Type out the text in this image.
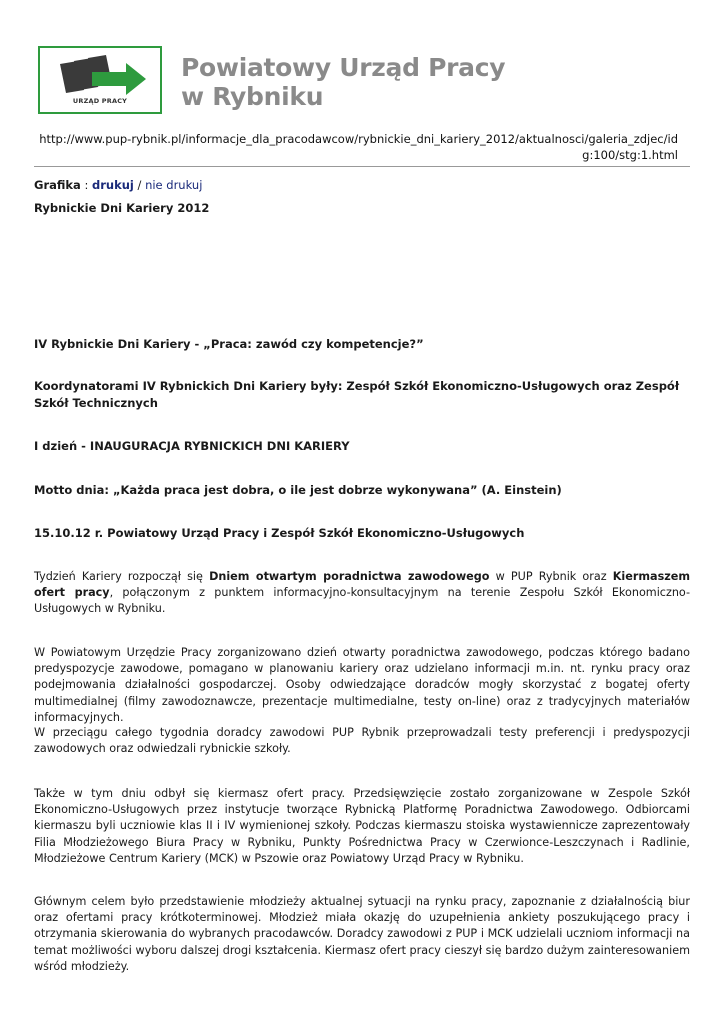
URZĄD PRACY
Powiatowy Urząd Pracy
w Rybniku
http://www.pup-rybnik.pl/informacje_dla_pracodawcow/rybnickie_dni_kariery_2012/aktualnosci/galeria_zdjec/idg:100/stg:1.html
Grafika : drukuj / nie drukuj
Rybnickie Dni Kariery 2012
IV Rybnickie Dni Kariery - „Praca: zawód czy kompetencje?”
Koordynatorami IV Rybnickich Dni Kariery były: Zespół Szkół Ekonomiczno-Usługowych oraz Zespół Szkół Technicznych
I dzień - INAUGURACJA RYBNICKICH DNI KARIERY
Motto dnia: „Każda praca jest dobra, o ile jest dobrze wykonywana” (A. Einstein)
15.10.12 r. Powiatowy Urząd Pracy i Zespół Szkół Ekonomiczno-Usługowych

Tydzień Kariery rozpoczął się Dniem otwartym poradnictwa zawodowego w PUP Rybnik oraz Kiermaszem ofert pracy, połączonym z punktem informacyjno-konsultacyjnym na terenie Zespołu Szkół Ekonomiczno-Usługowych w Rybniku.

W Powiatowym Urzędzie Pracy zorganizowano dzień otwarty poradnictwa zawodowego, podczas którego badano predyspozycje zawodowe, pomagano w planowaniu kariery oraz udzielano informacji m.in. nt. rynku pracy oraz podejmowania działalności gospodarczej. Osoby odwiedzające doradców mogły skorzystać z bogatej oferty multimedialnej (filmy zawodoznawcze, prezentacje multimedialne, testy on-line) oraz z tradycyjnych materiałów informacyjnych.

W przeciągu całego tygodnia doradcy zawodowi PUP Rybnik przeprowadzali testy preferencji i predyspozycji zawodowych oraz odwiedzali rybnickie szkoły.

Także w tym dniu odbył się kiermasz ofert pracy. Przedsięwzięcie zostało zorganizowane w Zespole Szkół Ekonomiczno-Usługowych przez instytucje tworzące Rybnicką Platformę Poradnictwa Zawodowego. Odbiorcami kiermaszu byli uczniowie klas II i IV wymienionej szkoły. Podczas kiermaszu stoiska wystawiennicze zaprezentowały Filia Młodzieżowego Biura Pracy w Rybniku, Punkty Pośrednictwa Pracy w Czerwionce-Leszczynach i Radlinie, Młodzieżowe Centrum Kariery (MCK) w Pszowie oraz Powiatowy Urząd Pracy w Rybniku.

Głównym celem było przedstawienie młodzieży aktualnej sytuacji na rynku pracy, zapoznanie z działalnością biur oraz ofertami pracy krótkoterminowej. Młodzież miała okazję do uzupełnienia ankiety poszukującego pracy i otrzymania skierowania do wybranych pracodawców. Doradcy zawodowi z PUP i MCK udzielali uczniom informacji na temat możliwości wyboru dalszej drogi kształcenia. Kiermasz ofert pracy cieszył się bardzo dużym zainteresowaniem wśród młodzieży.
